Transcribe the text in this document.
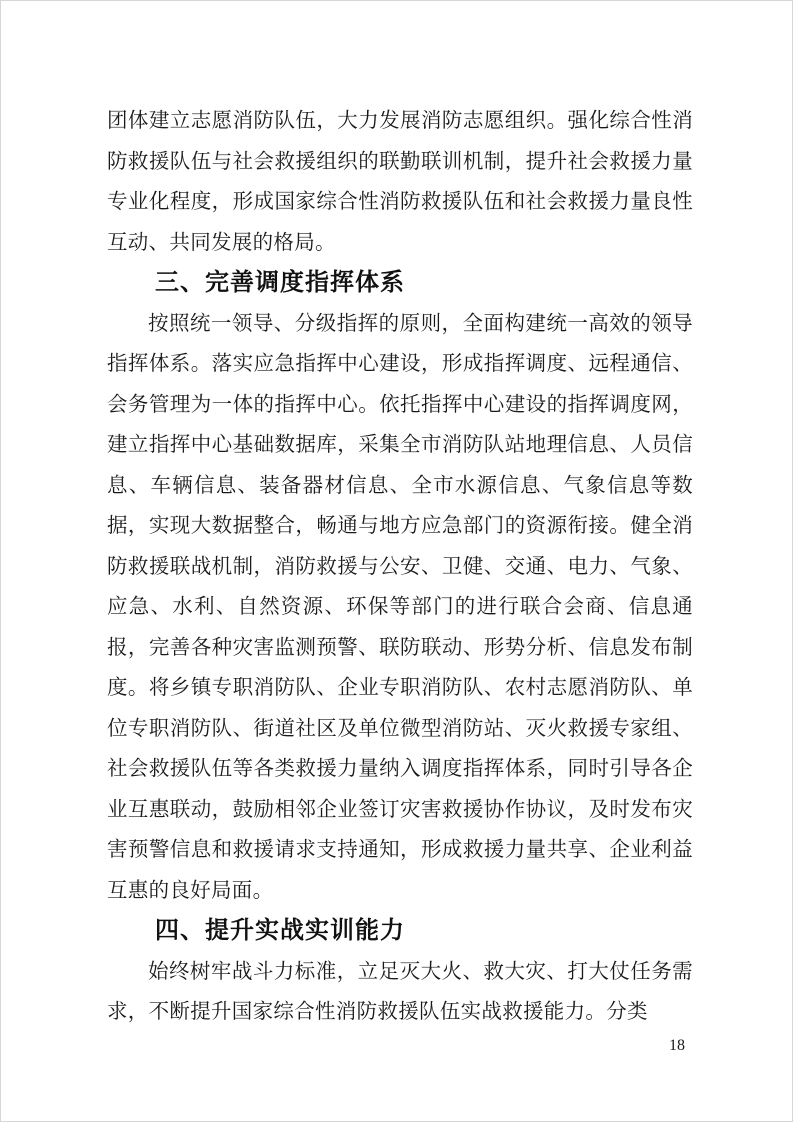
团体建立志愿消防队伍，大力发展消防志愿组织。强化综合性消防救援队伍与社会救援组织的联勤联训机制，提升社会救援力量专业化程度，形成国家综合性消防救援队伍和社会救援力量良性互动、共同发展的格局。

三、完善调度指挥体系

按照统一领导、分级指挥的原则，全面构建统一高效的领导指挥体系。落实应急指挥中心建设，形成指挥调度、远程通信、会务管理为一体的指挥中心。依托指挥中心建设的指挥调度网，建立指挥中心基础数据库，采集全市消防队站地理信息、人员信息、车辆信息、装备器材信息、全市水源信息、气象信息等数据，实现大数据整合，畅通与地方应急部门的资源衔接。健全消防救援联战机制，消防救援与公安、卫健、交通、电力、气象、应急、水利、自然资源、环保等部门的进行联合会商、信息通报，完善各种灾害监测预警、联防联动、形势分析、信息发布制度。将乡镇专职消防队、企业专职消防队、农村志愿消防队、单位专职消防队、街道社区及单位微型消防站、灭火救援专家组、社会救援队伍等各类救援力量纳入调度指挥体系，同时引导各企业互惠联动，鼓励相邻企业签订灾害救援协作协议，及时发布灾害预警信息和救援请求支持通知，形成救援力量共享、企业利益互惠的良好局面。

四、提升实战实训能力

始终树牢战斗力标准，立足灭大火、救大灾、打大仗任务需求，不断提升国家综合性消防救援队伍实战救援能力。分类

18
